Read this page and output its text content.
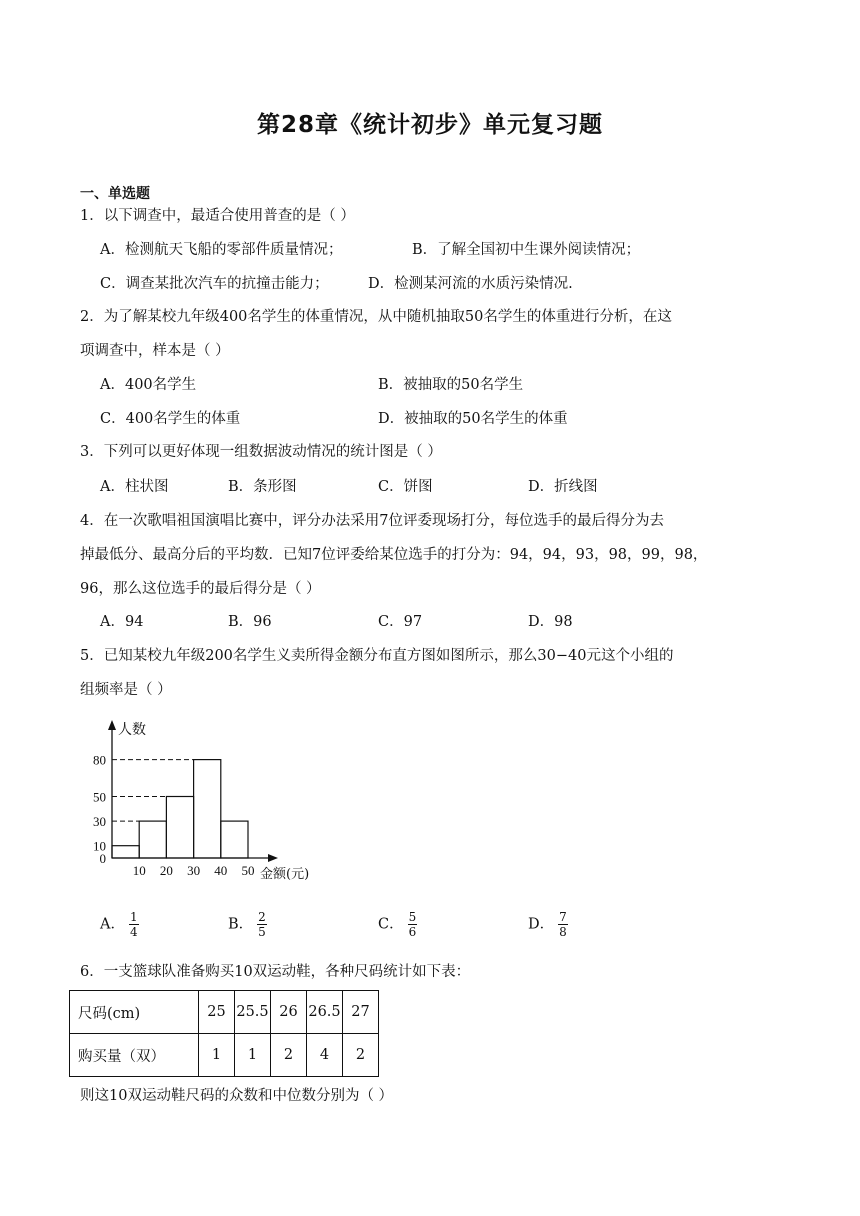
第28章《统计初步》单元复习题
一、单选题
1．以下调查中，最适合使用普查的是（ ）
A．检测航天飞船的零部件质量情况；	B．了解全国初中生课外阅读情况；
C．调查某批次汽车的抗撞击能力；	D．检测某河流的水质污染情况.
2．为了解某校九年级400名学生的体重情况，从中随机抽取50名学生的体重进行分析，在这
项调查中，样本是（ ）
A．400名学生	B．被抽取的50名学生
C．400名学生的体重	D．被抽取的50名学生的体重
3．下列可以更好体现一组数据波动情况的统计图是（ ）
A．柱状图	B．条形图	C．饼图	D．折线图
4．在一次歌唱祖国演唱比赛中，评分办法采用7位评委现场打分，每位选手的最后得分为去
掉最低分、最高分后的平均数．已知7位评委给某位选手的打分为：94，94，93，98，99，98，
96，那么这位选手的最后得分是（ ）
A．94	B．96	C．97	D．98
5．已知某校九年级200名学生义卖所得金额分布直方图如图所示，那么30−40元这个小组的
组频率是（ ）
0
10
30
50
80
10 20 30 40 50
人数
金额(元)
A． $\frac{1}{4}$	B． $\frac{2}{5}$	C． $\frac{5}{6}$	D． $\frac{7}{8}$
6．一支篮球队准备购买10双运动鞋，各种尺码统计如下表：
尺码(cm)	25	25.5	26	26.5	27
购买量（双）	1	1	2	4	2
则这10双运动鞋尺码的众数和中位数分别为（ ）
